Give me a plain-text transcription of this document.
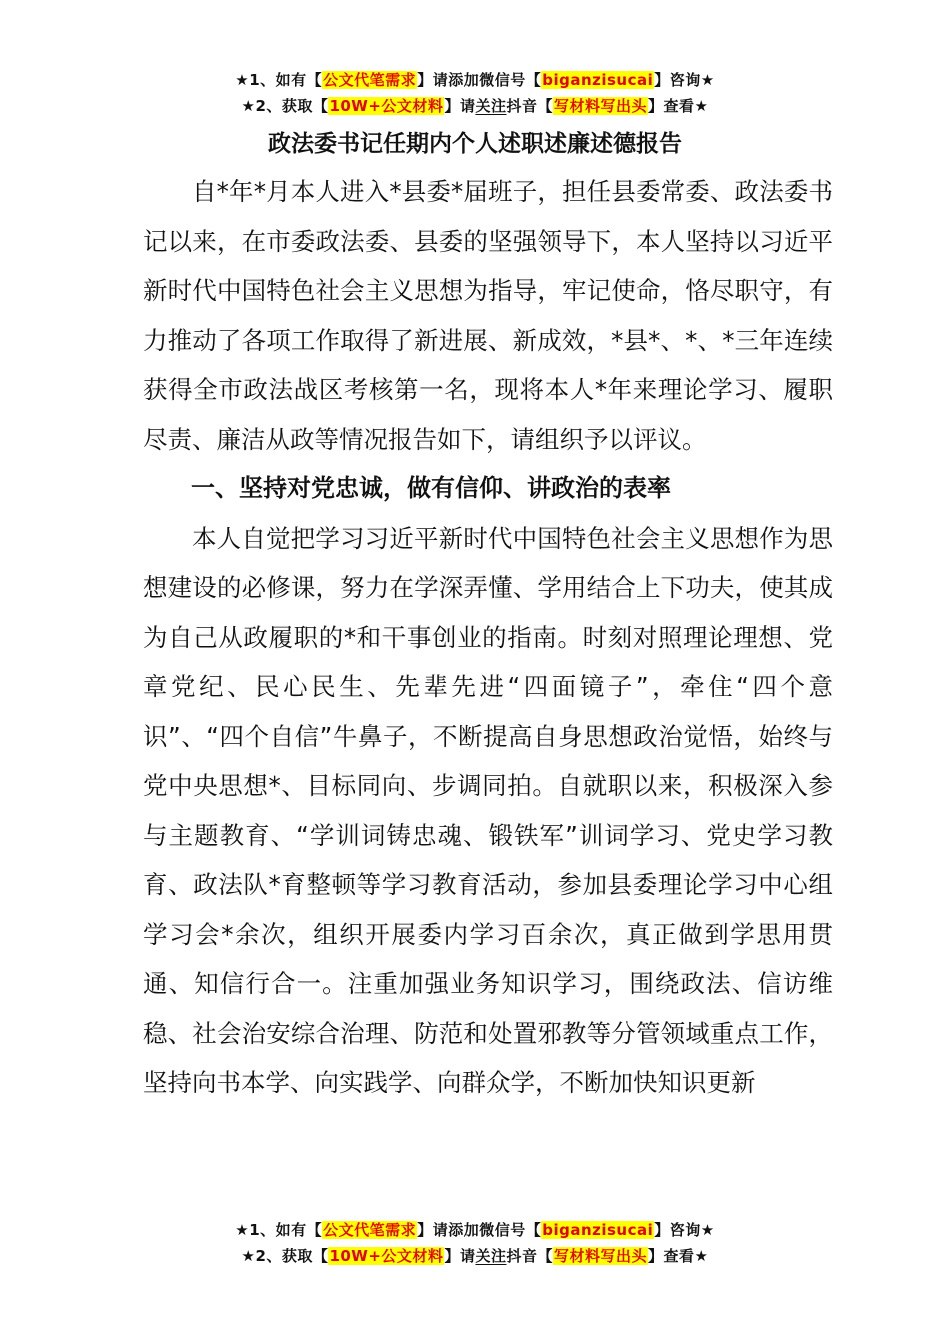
★1、如有【公文代笔需求】请添加微信号【biganzisucai】咨询★
★2、获取【10W+公文材料】请关注抖音【写材料写出头】查看★
政法委书记任期内个人述职述廉述德报告

自*年*月本人进入*县委*届班子，担任县委常委、政法委书记以来，在市委政法委、县委的坚强领导下，本人坚持以习近平新时代中国特色社会主义思想为指导，牢记使命，恪尽职守，有力推动了各项工作取得了新进展、新成效，*县*、*、*三年连续获得全市政法战区考核第一名，现将本人*年来理论学习、履职尽责、廉洁从政等情况报告如下，请组织予以评议。

一、坚持对党忠诚，做有信仰、讲政治的表率

本人自觉把学习习近平新时代中国特色社会主义思想作为思想建设的必修课，努力在学深弄懂、学用结合上下功夫，使其成为自己从政履职的*和干事创业的指南。时刻对照理论理想、党章党纪、民心民生、先辈先进“四面镜子”，牵住“四个意识”、“四个自信”牛鼻子，不断提高自身思想政治觉悟，始终与党中央思想*、目标同向、步调同拍。自就职以来，积极深入参与主题教育、“学训词铸忠魂、锻铁军”训词学习、党史学习教育、政法队*育整顿等学习教育活动，参加县委理论学习中心组学习会*余次，组织开展委内学习百余次，真正做到学思用贯通、知信行合一。注重加强业务知识学习，围绕政法、信访维稳、社会治安综合治理、防范和处置邪教等分管领域重点工作，坚持向书本学、向实践学、向群众学，不断加快知识更新

★1、如有【公文代笔需求】请添加微信号【biganzisucai】咨询★
★2、获取【10W+公文材料】请关注抖音【写材料写出头】查看★
